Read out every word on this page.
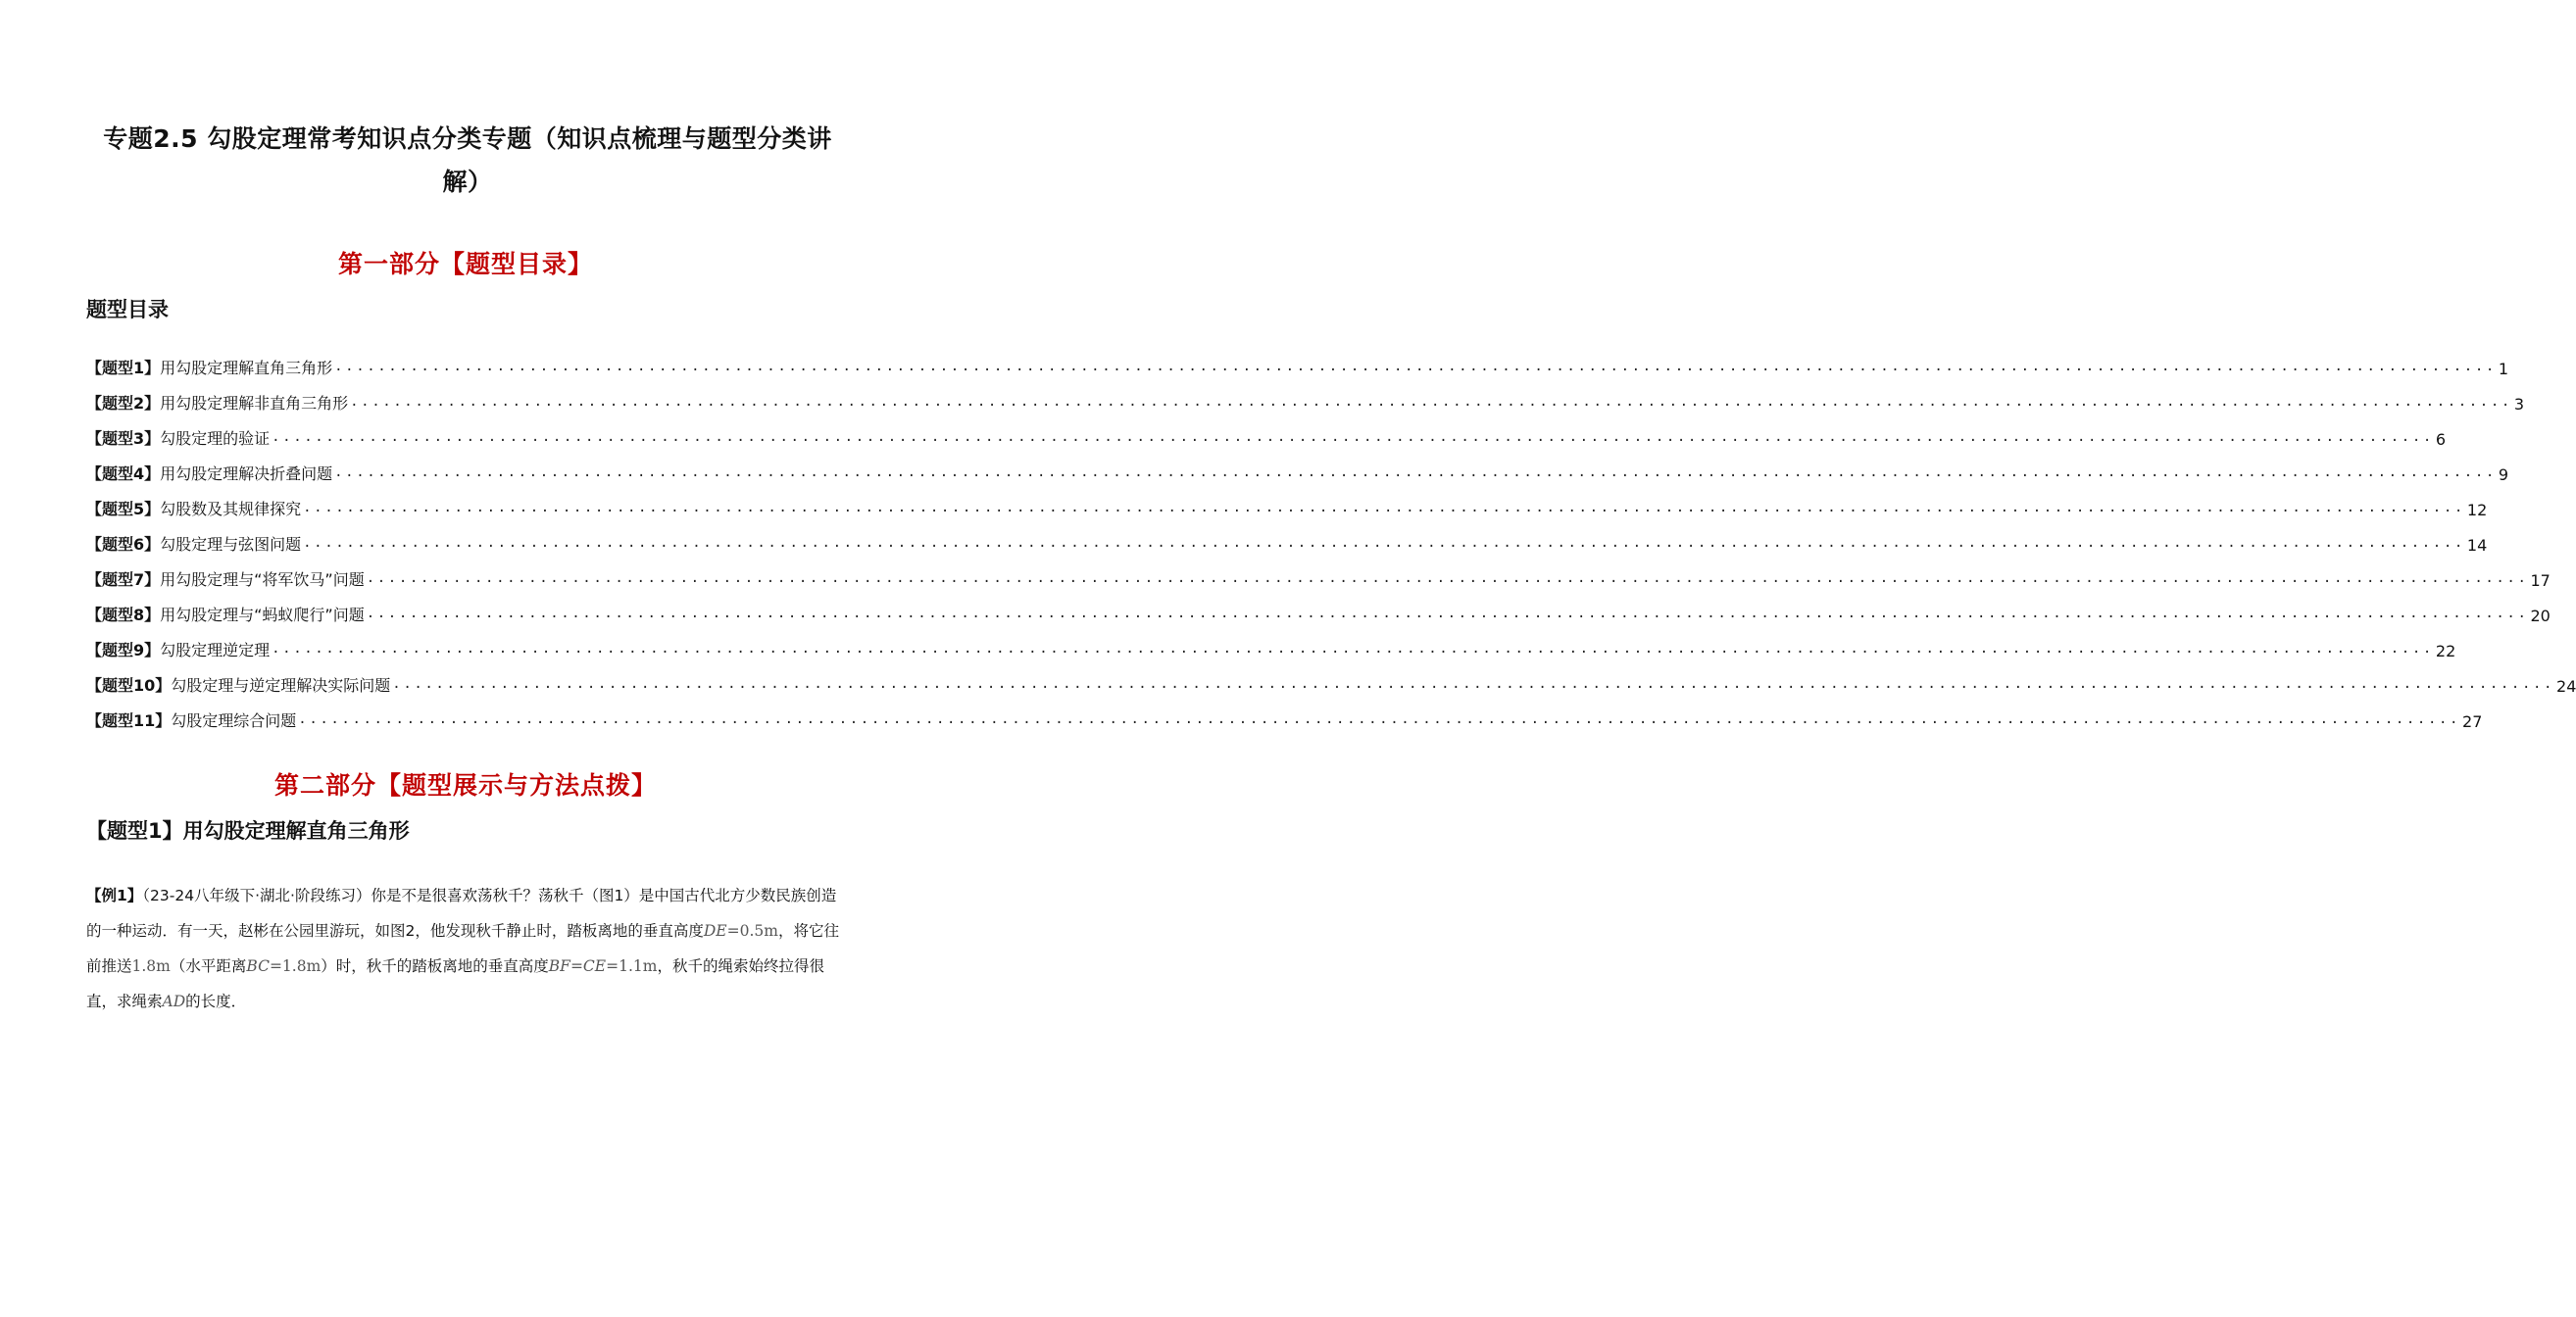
专题2.5 勾股定理常考知识点分类专题（知识点梳理与题型分类讲
解）
第一部分【题型目录】
题型目录
【题型1】用勾股定理解直角三角形 ........................................................................................................................................................................................................ 1
【题型2】用勾股定理解非直角三角形 ........................................................................................................................................................................................................ 3
【题型3】勾股定理的验证 ........................................................................................................................................................................................................ 6
【题型4】用勾股定理解决折叠问题 ........................................................................................................................................................................................................ 9
【题型5】勾股数及其规律探究 ........................................................................................................................................................................................................ 12
【题型6】勾股定理与弦图问题 ........................................................................................................................................................................................................ 14
【题型7】用勾股定理与“将军饮马”问题 ........................................................................................................................................................................................................ 17
【题型8】用勾股定理与“蚂蚁爬行”问题 ........................................................................................................................................................................................................ 20
【题型9】勾股定理逆定理 ........................................................................................................................................................................................................ 22
【题型10】勾股定理与逆定理解决实际问题 ........................................................................................................................................................................................................ 24
【题型11】勾股定理综合问题 ........................................................................................................................................................................................................ 27
第二部分【题型展示与方法点拨】
【题型1】用勾股定理解直角三角形

【例1】（23-24八年级下·湖北·阶段练习）你是不是很喜欢荡秋千？荡秋千（图1）是中国古代北方少数民族创造的一种运动．有一天，赵彬在公园里游玩，如图2，他发现秋千静止时，踏板离地的垂直高度DE=0.5m，将它往前推送1.8m（水平距离BC=1.8m）时，秋千的踏板离地的垂直高度BF=CE=1.1m，秋千的绳索始终拉得很直，求绳索AD的长度．
